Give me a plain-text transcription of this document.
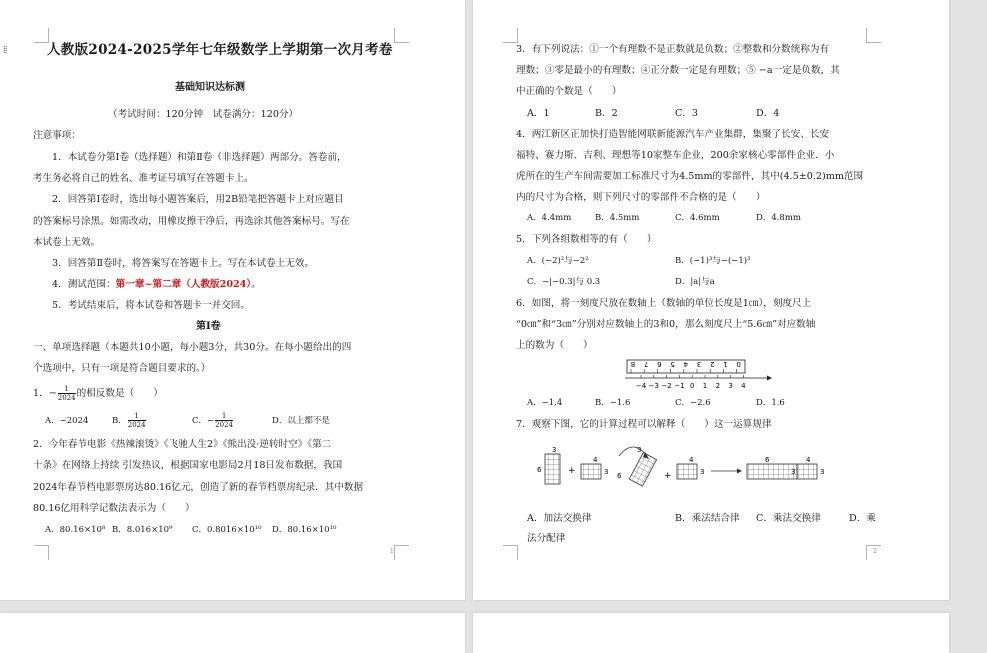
人教版2024-2025学年七年级数学上学期第一次月考卷
基础知识达标测
（考试时间：120分钟　试卷满分：120分）
注意事项：
1．本试卷分第Ⅰ卷（选择题）和第Ⅱ卷（非选择题）两部分。答卷前，
考生务必将自己的姓名、准考证号填写在答题卡上。
2．回答第Ⅰ卷时，选出每小题答案后，用2B铅笔把答题卡上对应题目
的答案标号涂黑。如需改动，用橡皮擦干净后，再选涂其他答案标号。写在
本试卷上无效。
3．回答第Ⅱ卷时，将答案写在答题卡上。写在本试卷上无效。
4．测试范围：第一章~第二章（人教版2024）。
5．考试结束后，将本试卷和答题卡一并交回。
第Ⅰ卷
一、单项选择题（本题共10小题，每小题3分，共30分。在每小题给出的四
个选项中，只有一项是符合题目要求的。）
1．− $\frac{1}{2024}$ 的相反数是（　　）
A．−2024	B． $\frac{1}{2024}$	C．− $\frac{1}{2024}$	D．以上都不是
2．今年春节电影《热辣滚烫》《飞驰人生2》《熊出没·逆转时空》《第二
十条》在网络上持续 引发热议，根据国家电影局2月18日发布数据，我国
2024年春节档电影票房达80.16亿元，创造了新的春节档票房纪录．其中数据
80.16亿用科学记数法表示为（　　）
A．80.16×10⁸ B．8.016×10⁹ C．0.8016×10¹⁰ D．80.16×10¹⁰
1
⁞⁞	3．有下列说法：①一个有理数不是正数就是负数；②整数和分数统称为有
理数；③零是最小的有理数；④正分数一定是有理数；⑤ −a一定是负数，其
中正确的个数是（　　）
A．1	B．2	C．3	D．4
4．两江新区正加快打造智能网联新能源汽车产业集群，集聚了长安、长安
福特、赛力斯、吉利、理想等10家整车企业，200余家核心零部件企业．小
虎所在的生产车间需要加工标准尺寸为4.5mm的零部件，其中(4.5±0.2)mm范围
内的尺寸为合格，则下列尺寸的零部件不合格的是（　　）
A．4.4mm	B．4.5mm	C．4.6mm	D．4.8mm
5．下列各组数相等的有（　　）
A．(−2)²与−2²	B．(−1)³与−(−1)³
C．−|−0.3|与 0.3	D．|a|与a
6．如图，将一刻度尺放在数轴上（数轴的单位长度是1㎝），刻度尺上
“0㎝”和“3㎝”分别对应数轴上的3和0，那么刻度尺上“5.6㎝”对应数轴
上的数为（　　）
8 7 6 5 4 3 2 1 0
−4 −3 −2 −1 0 1 2 3 4
A．−1.4	B．−1.6	C．−2.6	D．1.6
7．观察下图，它的计算过程可以解释（　　）这一运算规律
3
6	+
4
3
3
6	+
4
3
6	4
3	3
A．加法交换律	B．乘法结合律 C．乘法交换律	D．乘
法分配律
2
